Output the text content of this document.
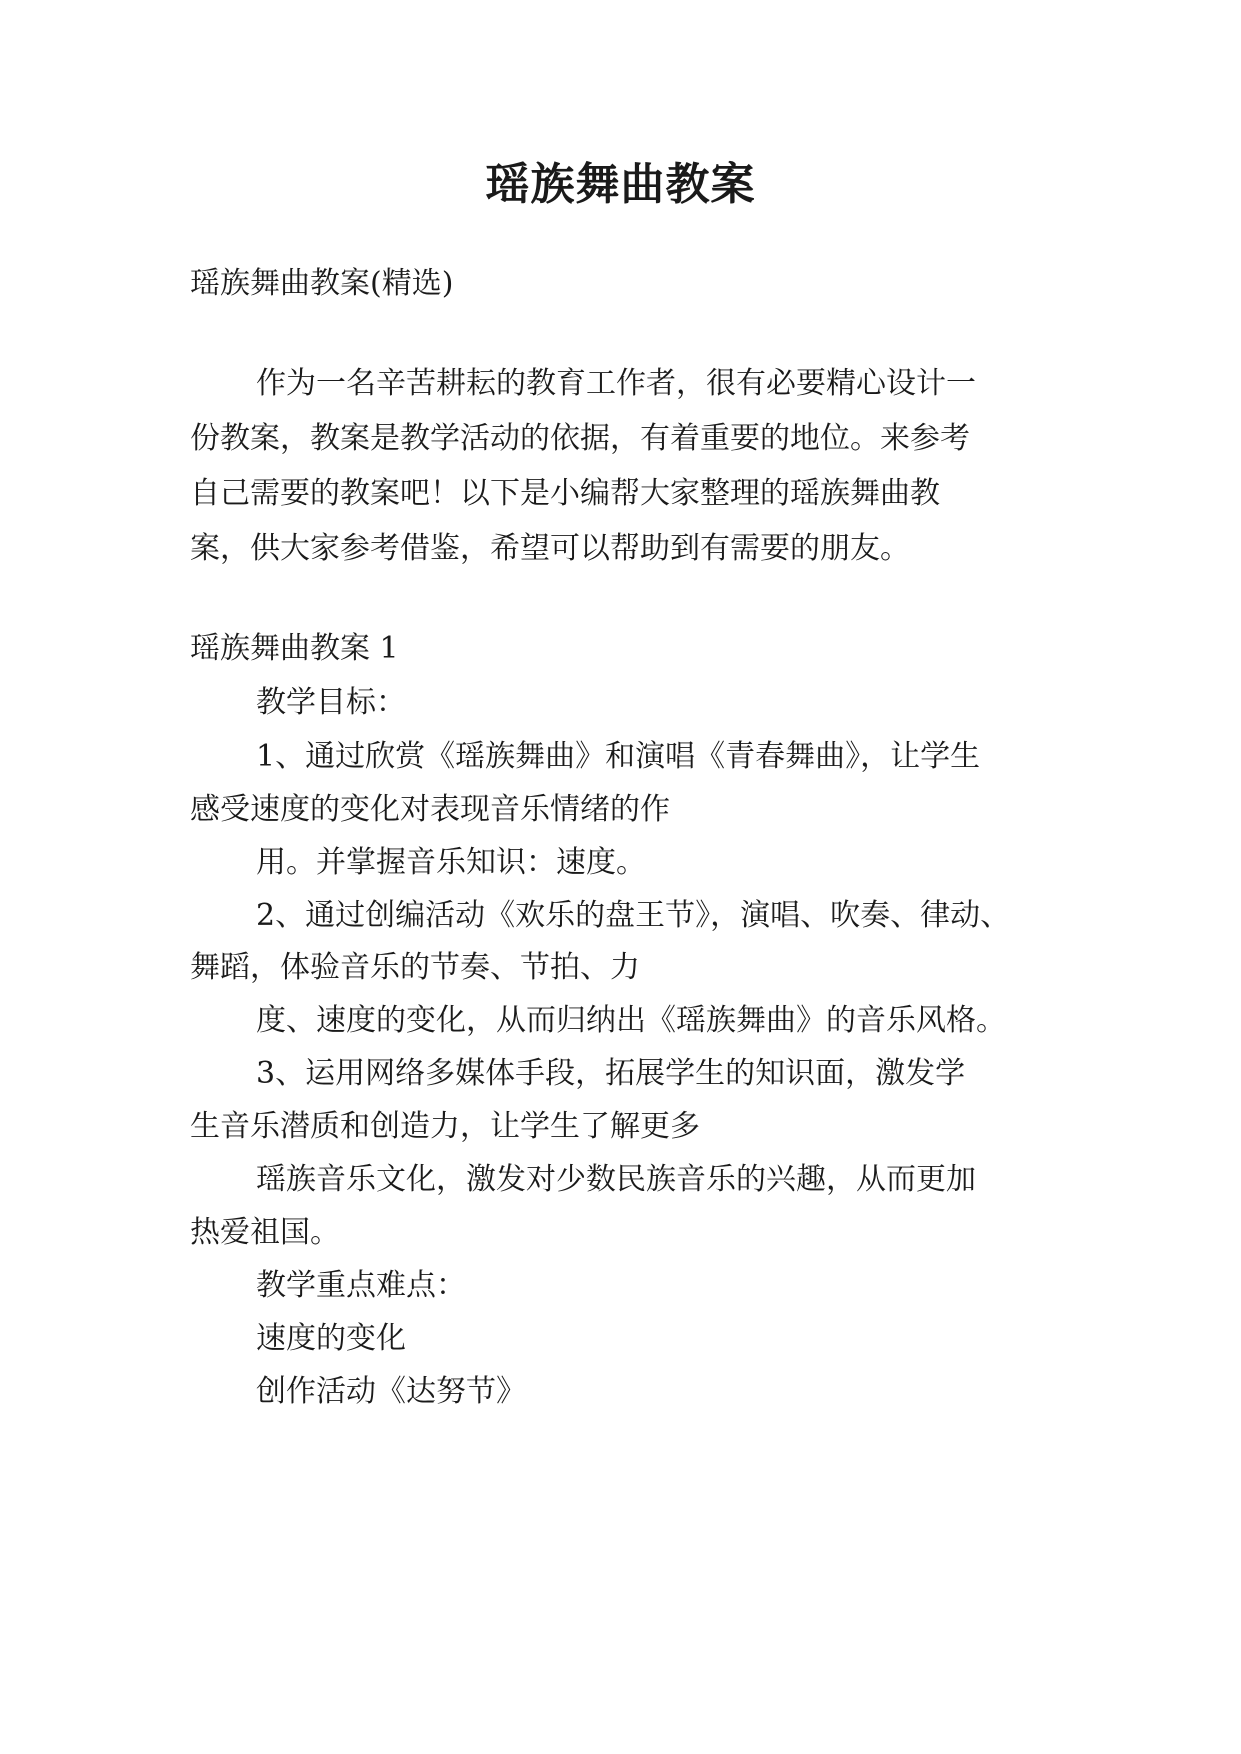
瑶族舞曲教案
瑶族舞曲教案(精选)
作为一名辛苦耕耘的教育工作者，很有必要精心设计一
份教案，教案是教学活动的依据，有着重要的地位。来参考
自己需要的教案吧！以下是小编帮大家整理的瑶族舞曲教
案，供大家参考借鉴，希望可以帮助到有需要的朋友。
瑶族舞曲教案 1
教学目标：
1、通过欣赏《瑶族舞曲》和演唱《青春舞曲》，让学生
感受速度的变化对表现音乐情绪的作
用。并掌握音乐知识：速度。
2、通过创编活动《欢乐的盘王节》，演唱、吹奏、律动、
舞蹈，体验音乐的节奏、节拍、力
度、速度的变化，从而归纳出《瑶族舞曲》的音乐风格。
3、运用网络多媒体手段，拓展学生的知识面，激发学
生音乐潜质和创造力，让学生了解更多
瑶族音乐文化，激发对少数民族音乐的兴趣，从而更加
热爱祖国。
教学重点难点：
速度的变化
创作活动《达努节》
